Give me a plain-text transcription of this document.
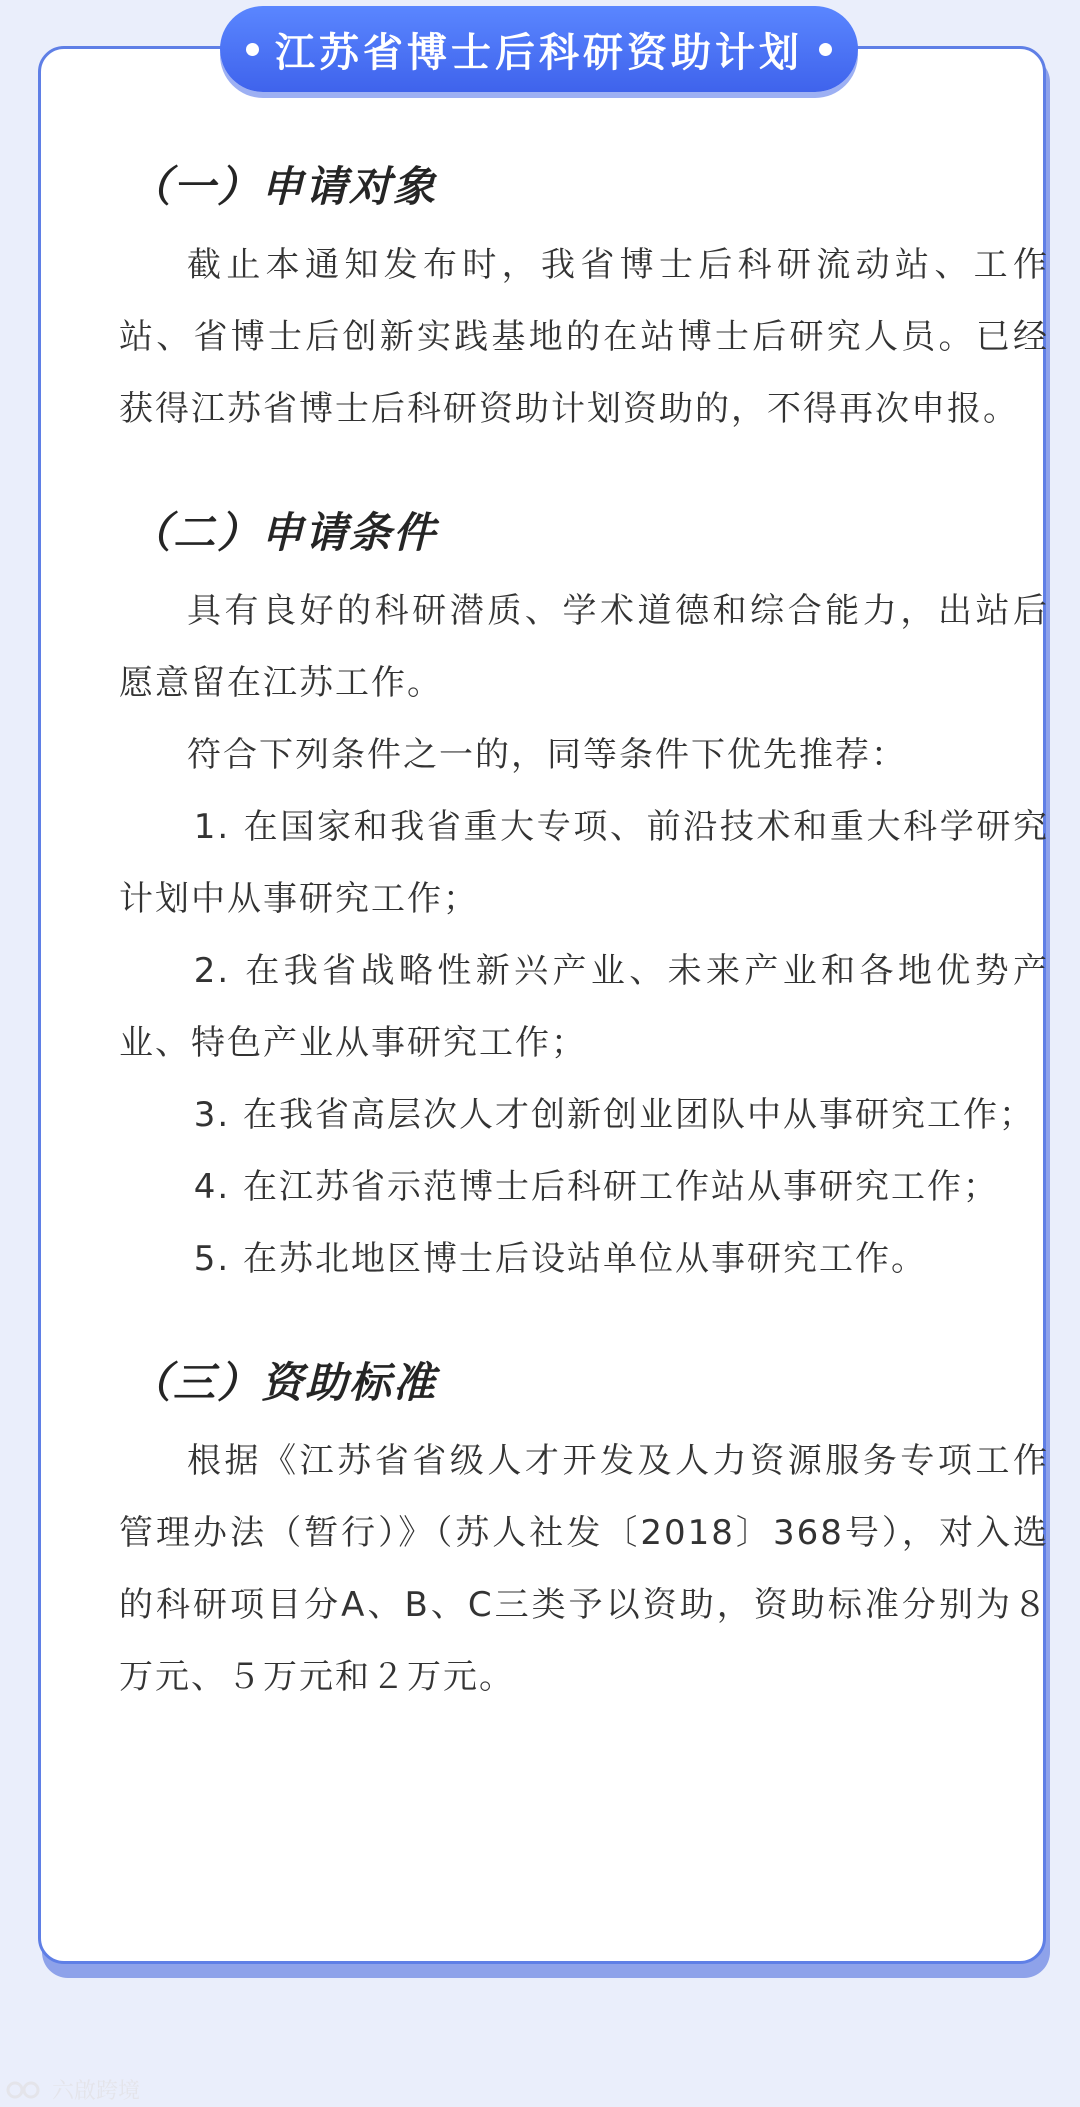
（一）申请对象

截止本通知发布时，我省博士后科研流动站、工作站、省博士后创新实践基地的在站博士后研究人员。已经获得江苏省博士后科研资助计划资助的，不得再次申报。

（二）申请条件

具有良好的科研潜质、学术道德和综合能力，出站后愿意留在江苏工作。

符合下列条件之一的，同等条件下优先推荐：

1. 在国家和我省重大专项、前沿技术和重大科学研究计划中从事研究工作；

2. 在我省战略性新兴产业、未来产业和各地优势产业、特色产业从事研究工作；

3. 在我省高层次人才创新创业团队中从事研究工作；

4. 在江苏省示范博士后科研工作站从事研究工作；

5. 在苏北地区博士后设站单位从事研究工作。

（三）资助标准

根据《江苏省省级人才开发及人力资源服务专项工作管理办法（暂行）》（苏人社发〔2018〕368号），对入选的科研项目分A、B、C三类予以资助，资助标准分别为８万元、５万元和２万元。

江苏省博士后科研资助计划
六啟跨境
